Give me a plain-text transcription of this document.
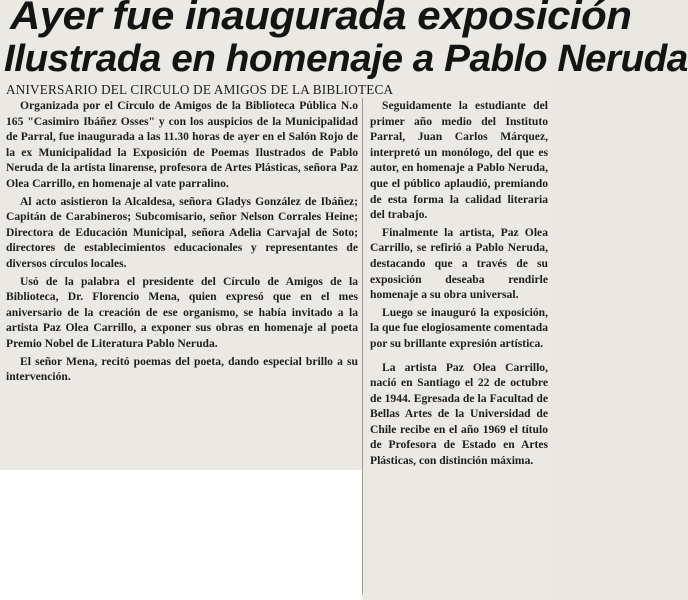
Ayer fue inaugurada exposición
Ilustrada en homenaje a Pablo Neruda
ANIVERSARIO DEL CIRCULO DE AMIGOS DE LA BIBLIOTECA

Organizada por el Círculo de Amigos de la Biblioteca Pública N.o 165 "Casimiro Ibáñez Osses" y con los auspicios de la Municipalidad de Parral, fue inaugurada a las 11.30 horas de ayer en el Salón Rojo de la ex Municipalidad la Exposición de Poemas Ilustrados de Pablo Neruda de la artista linarense, profesora de Artes Plásticas, señora Paz Olea Carrillo, en homenaje al vate parralino.

Al acto asistieron la Alcaldesa, señora Gladys González de Ibáñez; Capitán de Carabineros; Subcomisario, señor Nelson Corrales Heine; Directora de Educación Municipal, señora Adelia Carvajal de Soto; directores de establecimientos educacionales y representantes de diversos círculos locales.

Usó de la palabra el presidente del Círculo de Amigos de la Biblioteca, Dr. Florencio Mena, quien expresó que en el mes aniversario de la creación de ese organismo, se había invitado a la artista Paz Olea Carrillo, a exponer sus obras en homenaje al poeta Premio Nobel de Literatura Pablo Neruda.

El señor Mena, recitó poemas del poeta, dando especial brillo a su intervención.

Seguidamente la estudiante del primer año medio del Instituto Parral, Juan Carlos Márquez, interpretó un monólogo, del que es autor, en homenaje a Pablo Neruda, que el público aplaudió, premiando de esta forma la calidad literaria del trabajo.

Finalmente la artista, Paz Olea Carrillo, se refirió a Pablo Neruda, destacando que a través de su exposición deseaba rendirle homenaje a su obra universal.

Luego se inauguró la exposición, la que fue elogiosamente comentada por su brillante expresión artística.

La artista Paz Olea Carrillo, nació en Santiago el 22 de octubre de 1944. Egresada de la Facultad de Bellas Artes de la Universidad de Chile recibe en el año 1969 el título de Profesora de Estado en Artes Plásticas, con distinción máxima.
